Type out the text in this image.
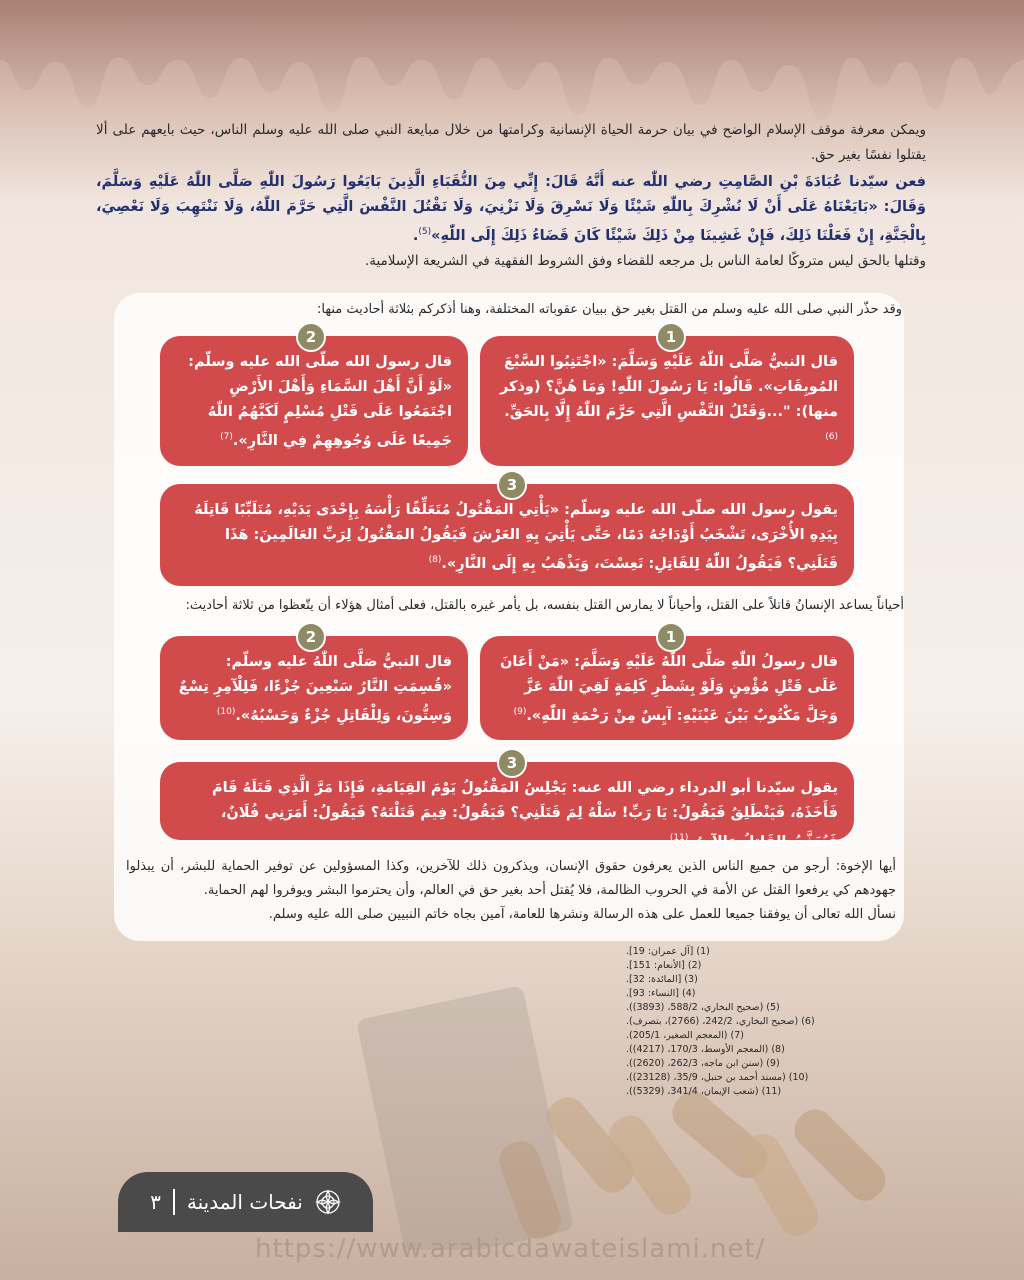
ويمكن معرفة موقف الإسلام الواضح في بيان حرمة الحياة الإنسانية وكرامتها من خلال مبايعة النبي صلى الله عليه وسلم الناس، حيث بايعهم على ألا يقتلوا نفسًا بغير حق.

فعن سيّدنا عُبَادَةَ بْنِ الصَّامِتِ رضي اللّٰه عنه أَنَّهُ قَالَ: إِنِّي مِنَ النُّقَبَاءِ الَّذِينَ بَايَعُوا رَسُولَ اللّٰهِ صَلَّى اللّٰهُ عَلَيْهِ وَسَلَّمَ، وَقَالَ: «بَايَعْنَاهُ عَلَى أَنْ لَا نُشْرِكَ بِاللّٰهِ شَيْئًا وَلَا نَسْرِقَ وَلَا نَزْنِيَ، وَلَا نَقْتُلَ النَّفْسَ الَّتِي حَرَّمَ اللّٰهُ، وَلَا نَنْتَهِبَ وَلَا نَعْصِيَ، بِالْجَنَّةِ، إِنْ فَعَلْنَا ذَلِكَ، فَإِنْ غَشِينَا مِنْ ذَلِكَ شَيْئًا كَانَ قَضَاءُ ذَلِكَ إِلَى اللّٰهِ»$^{(5)}$.

وقتلها بالحق ليس متروكًا لعامة الناس بل مرجعه للقضاء وفق الشروط الفقهية في الشريعة الإسلامية.

وقد حذّر النبي صلى الله عليه وسلم من القتل بغير حق ببيان عقوباته المختلفة، وهنا أذكركم بثلاثة أحاديث منها:
1
قال النبيُّ صَلَّى اللّٰهُ عَلَيْهِ وَسَلَّمَ: «اجْتَنِبُوا السَّبْعَ المُوبِقَاتِ». قَالُوا: يَا رَسُولَ اللّٰهِ! وَمَا هُنَّ؟ (وذكر منها): "...وَقَتْلُ النَّفْسِ الَّتِي حَرَّمَ اللّٰهُ إِلَّا بِالحَقِّ.$^{(6)}$
2
قال رسول الله صلّى الله عليه وسلّم: «لَوْ أَنَّ أَهْلَ السَّمَاءِ وَأَهْلَ الأَرْضِ اجْتَمَعُوا عَلَى قَتْلِ مُسْلِمٍ لَكَبَّهُمُ اللّٰهُ جَمِيعًا عَلَى وُجُوهِهِمْ فِي النَّارِ».$^{(7)}$
3
يقول رسول الله صلّى الله عليه وسلّم: «يَأْتِي المَقْتُولُ مُتَعَلِّقًا رَأْسَهُ بِإِحْدَى يَدَيْهِ، مُتَلَبِّبًا قَاتِلَهُ بِيَدِهِ الأُخْرَى، تَشْخَبُ أَوْدَاجُهُ دَمًا، حَتَّى يَأْتِيَ بِهِ العَرْشَ فَيَقُولُ المَقْتُولُ لِرَبِّ العَالَمِينَ: هَذَا قَتَلَنِي؟ فَيَقُولُ اللّٰهُ لِلقَاتِلِ: تَعِسْتَ، وَيَذْهَبُ بِهِ إِلَى النَّارِ».$^{(8)}$
أحياناً يساعد الإنسانُ قاتلاً على القتل، وأحياناً لا يمارس القتل بنفسه، بل يأمر غيره بالقتل، فعلى أمثال هؤلاء أن يتّعظوا من ثلاثة أحاديث:
1
قال رسولُ اللّٰهِ صَلَّى اللّٰهُ عَلَيْهِ وَسَلَّمَ: «مَنْ أَعَانَ عَلَى قَتْلِ مُؤْمِنٍ وَلَوْ بِشَطْرِ كَلِمَةٍ لَقِيَ اللّٰهَ عَزَّ وَجَلَّ مَكْتُوبٌ بَيْنَ عَيْنَيْهِ: آيِسٌ مِنْ رَحْمَةِ اللّٰهِ».$^{(9)}$
2
قال النبيُّ صَلَّى اللّٰهُ عليه وسلّم: «قُسِمَتِ النَّارُ سَبْعِينَ جُزْءًا، فَلِلْآمِرِ تِسْعٌ وَسِتُّونَ، وَلِلْقَاتِلِ جُزْءٌ وَحَسْبُهُ».$^{(10)}$
3
يقول سيّدنا أبو الدرداء رضي الله عنه: يَجْلِسُ المَقْتُولُ يَوْمَ القِيَامَةِ، فَإِذَا مَرَّ الَّذِي قَتَلَهُ قَامَ فَأَخَذَهُ، فَيَنْطَلِقُ فَيَقُولُ: يَا رَبِّ! سَلْهُ لِمَ قَتَلَنِي؟ فَيَقُولُ: فِيمَ قَتَلْتَهُ؟ فَيَقُولُ: أَمَرَنِي فُلَانٌ، فَيُعَذَّبُ القَاتِلُ وَالآمِرُ.$^{(11)}$

أيها الإخوة: أرجو من جميع الناس الذين يعرفون حقوق الإنسان، ويذكرون ذلك للآخرين، وكذا المسؤولين عن توفير الحماية للبشر، أن يبذلوا جهودهم كي يرفعوا القتل عن الأمة في الحروب الظالمة، فلا يُقتل أحد بغير حق في العالم، وأن يحترموا البشر ويوفروا لهم الحماية.

نسأل الله تعالى أن يوفقنا جميعا للعمل على هذه الرسالة ونشرها للعامة، آمين بجاه خاتم النبيين صلى الله عليه وسلم.

(1) [آل عمران: 19].
(2) [الأنعام: 151].
(3) [المائدة: 32].
(4) [النساء: 93].
(5) (صحيح البخاري، 588/2، (3893)).
(6) (صحيح البخاري، 242/2، (2766)، بتصرف).
(7) (المعجم الصغير، 205/1).
(8) (المعجم الأوسط، 170/3، (4217)).
(9) (سنن ابن ماجه، 262/3، (2620)).
(10) (مسند أحمد بن حنبل، 35/9، (23128)).
(11) (شعب الإيمان، 341/4، (5329)).
نفحات المدينة
٣
https://www.arabicdawateislami.net/
